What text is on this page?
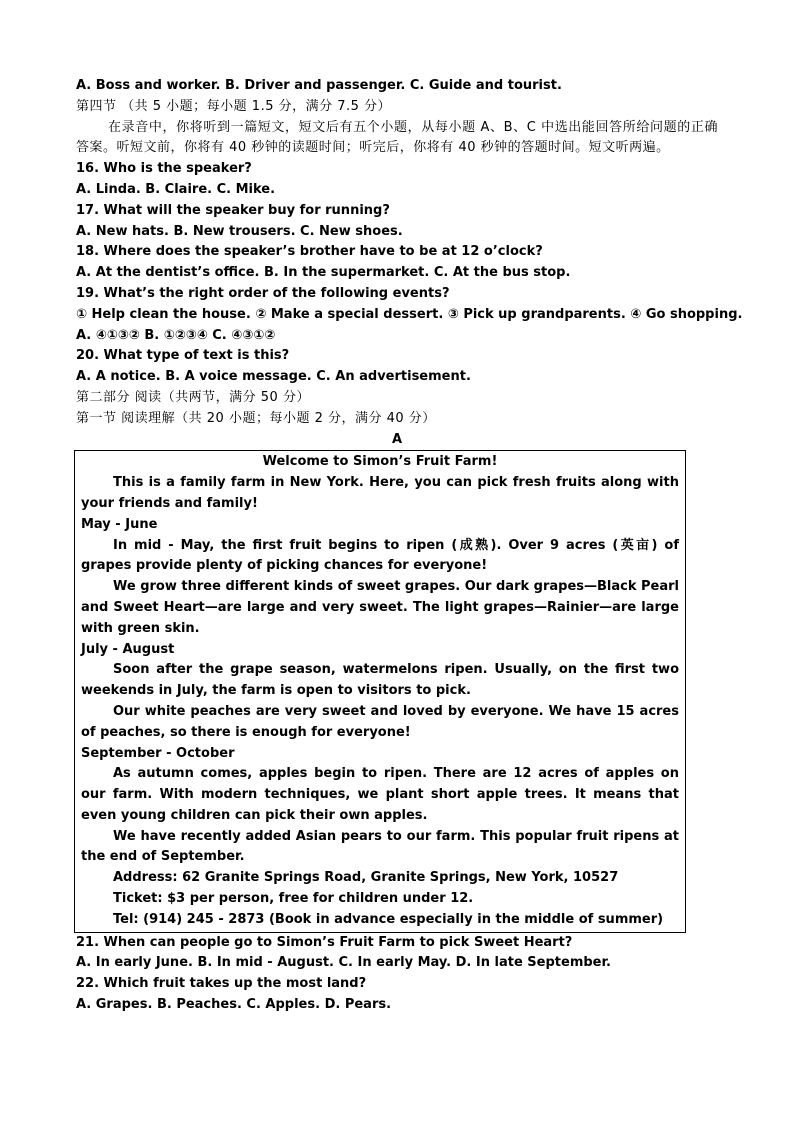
A. Boss and worker. B. Driver and passenger. C. Guide and tourist.
第四节 （共 5 小题；每小题 1.5 分，满分 7.5 分）

在录音中，你将听到一篇短文，短文后有五个小题，从每小题 A、B、C 中选出能回答所给问题的正确答案。听短文前，你将有 40 秒钟的读题时间；听完后，你将有 40 秒钟的答题时间。短文听两遍。

16. Who is the speaker?
A. Linda. B. Claire. C. Mike.
17. What will the speaker buy for running?
A. New hats. B. New trousers. C. New shoes.
18. Where does the speaker’s brother have to be at 12 o’clock?
A. At the dentist’s office. B. In the supermarket. C. At the bus stop.
19. What’s the right order of the following events?
① Help clean the house. ② Make a special dessert. ③ Pick up grandparents. ④ Go shopping.
A. ④①③② B. ①②③④ C. ④③①②
20. What type of text is this?
A. A notice. B. A voice message. C. An advertisement.
第二部分 阅读（共两节，满分 50 分）
第一节 阅读理解（共 20 小题；每小题 2 分，满分 40 分）
A
Welcome to Simon’s Fruit Farm!

This is a family farm in New York. Here, you can pick fresh fruits along with your friends and family!

May - June

In mid - May, the first fruit begins to ripen (成熟). Over 9 acres (英亩) of grapes provide plenty of picking chances for everyone!

We grow three different kinds of sweet grapes. Our dark grapes—Black Pearl and Sweet Heart—are large and very sweet. The light grapes—Rainier—are large with green skin.

July - August

Soon after the grape season, watermelons ripen. Usually, on the first two weekends in July, the farm is open to visitors to pick.

Our white peaches are very sweet and loved by everyone. We have 15 acres of peaches, so there is enough for everyone!

September - October

As autumn comes, apples begin to ripen. There are 12 acres of apples on our farm. With modern techniques, we plant short apple trees. It means that even young children can pick their own apples.

We have recently added Asian pears to our farm. This popular fruit ripens at the end of September.

Address: 62 Granite Springs Road, Granite Springs, New York, 10527

Ticket: $3 per person, free for children under 12.

Tel: (914) 245 - 2873 (Book in advance especially in the middle of summer)

21. When can people go to Simon’s Fruit Farm to pick Sweet Heart?
A. In early June. B. In mid - August. C. In early May. D. In late September.
22. Which fruit takes up the most land?
A. Grapes. B. Peaches. C. Apples. D. Pears.
